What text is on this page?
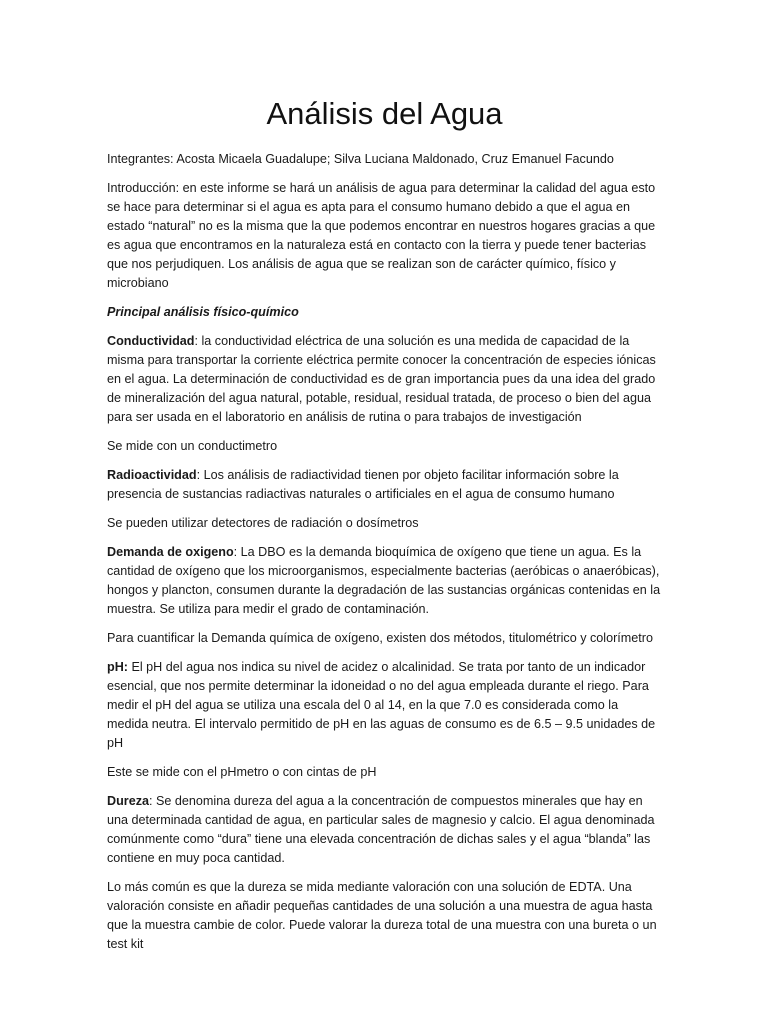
Análisis del Agua

Integrantes: Acosta Micaela Guadalupe; Silva Luciana Maldonado, Cruz Emanuel Facundo

Introducción: en este informe se hará un análisis de agua para determinar la calidad del agua esto se hace para determinar si el agua es apta para el consumo humano debido a que el agua en estado “natural” no es la misma que la que podemos encontrar en nuestros hogares gracias a que es agua que encontramos en la naturaleza está en contacto con la tierra y puede tener bacterias que nos perjudiquen. Los análisis de agua que se realizan son de carácter químico, físico y microbiano

Principal análisis físico-químico

Conductividad: la conductividad eléctrica de una solución es una medida de capacidad de la misma para transportar la corriente eléctrica permite conocer la concentración de especies iónicas en el agua. La determinación de conductividad es de gran importancia pues da una idea del grado de mineralización del agua natural, potable, residual, residual tratada, de proceso o bien del agua para ser usada en el laboratorio en análisis de rutina o para trabajos de investigación

Se mide con un conductimetro

Radioactividad: Los análisis de radiactividad tienen por objeto facilitar información sobre la presencia de sustancias radiactivas naturales o artificiales en el agua de consumo humano

Se pueden utilizar detectores de radiación o dosímetros

Demanda de oxigeno: La DBO es la demanda bioquímica de oxígeno que tiene un agua. Es la cantidad de oxígeno que los microorganismos, especialmente bacterias (aeróbicas o anaeróbicas), hongos y plancton, consumen durante la degradación de las sustancias orgánicas contenidas en la muestra. Se utiliza para medir el grado de contaminación.

Para cuantificar la Demanda química de oxígeno, existen dos métodos, titulométrico y colorímetro

pH: El pH del agua nos indica su nivel de acidez o alcalinidad. Se trata por tanto de un indicador esencial, que nos permite determinar la idoneidad o no del agua empleada durante el riego. Para medir el pH del agua se utiliza una escala del 0 al 14, en la que 7.0 es considerada como la medida neutra. El intervalo permitido de pH en las aguas de consumo es de 6.5 – 9.5 unidades de pH

Este se mide con el pHmetro o con cintas de pH

Dureza: Se denomina dureza del agua a la concentración de compuestos minerales que hay en una determinada cantidad de agua, en particular sales de magnesio y calcio. El agua denominada comúnmente como “dura” tiene una elevada concentración de dichas sales y el agua “blanda” las contiene en muy poca cantidad.

Lo más común es que la dureza se mida mediante valoración con una solución de EDTA. Una valoración consiste en añadir pequeñas cantidades de una solución a una muestra de agua hasta que la muestra cambie de color. Puede valorar la dureza total de una muestra con una bureta o un test kit
